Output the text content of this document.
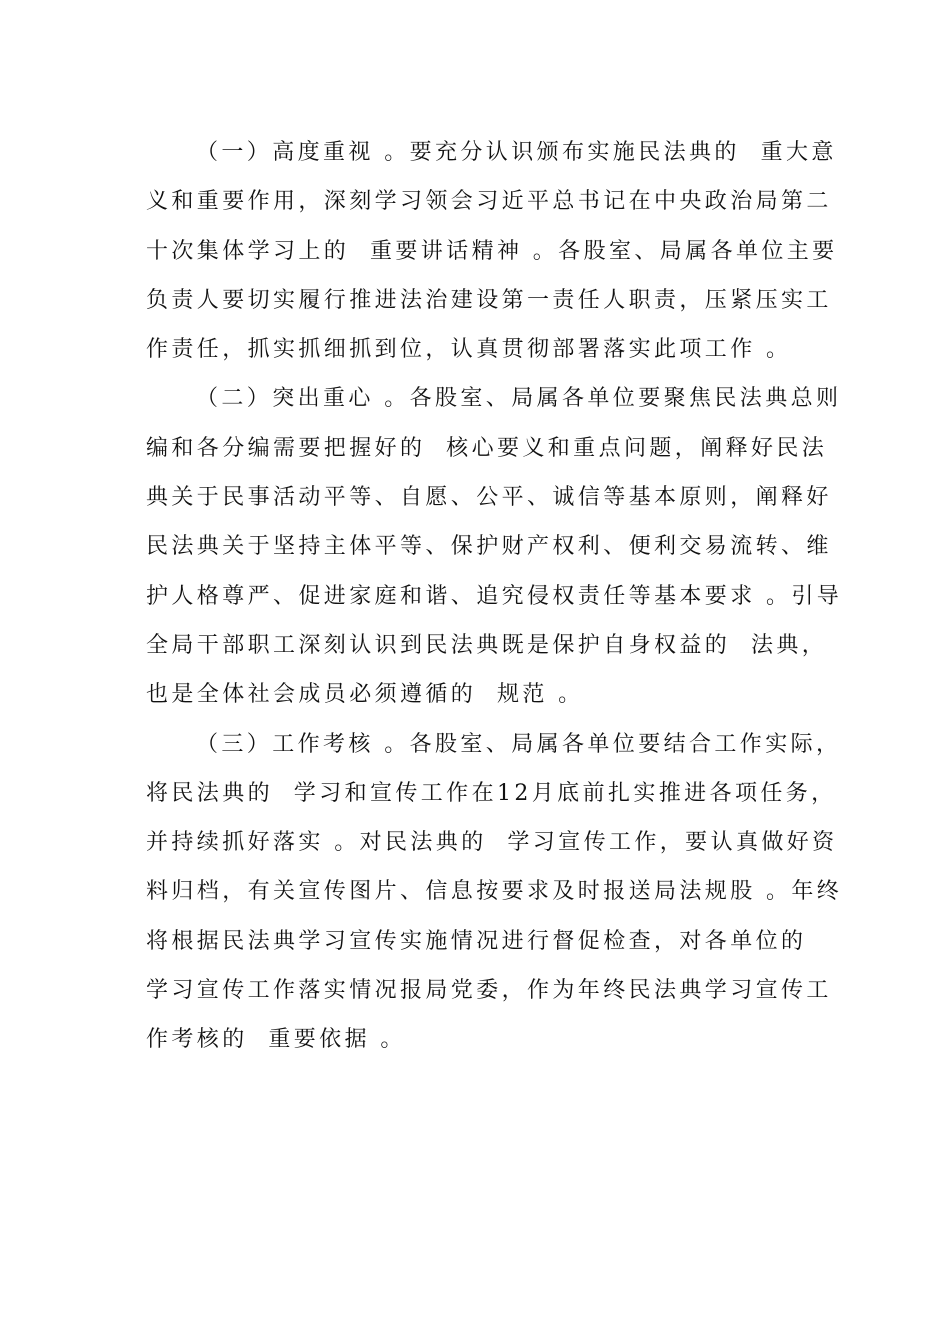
（一）高度重视 。要充分认识颁布实施民法典的  重大意
义和重要作用，深刻学习领会习近平总书记在中央政治局第二
十次集体学习上的  重要讲话精神 。各股室、局属各单位主要
负责人要切实履行推进法治建设第一责任人职责，压紧压实工
作责任，抓实抓细抓到位，认真贯彻部署落实此项工作 。

（二）突出重心 。各股室、局属各单位要聚焦民法典总则
编和各分编需要把握好的  核心要义和重点问题，阐释好民法
典关于民事活动平等、自愿、公平、诚信等基本原则，阐释好
民法典关于坚持主体平等、保护财产权利、便利交易流转、维
护人格尊严、促进家庭和谐、追究侵权责任等基本要求 。引导
全局干部职工深刻认识到民法典既是保护自身权益的  法典，
也是全体社会成员必须遵循的  规范 。

（三）工作考核 。各股室、局属各单位要结合工作实际，
将民法典的  学习和宣传工作在12月底前扎实推进各项任务，
并持续抓好落实 。对民法典的  学习宣传工作，要认真做好资
料归档，有关宣传图片、信息按要求及时报送局法规股 。年终
将根据民法典学习宣传实施情况进行督促检查，对各单位的
学习宣传工作落实情况报局党委，作为年终民法典学习宣传工
作考核的  重要依据 。
